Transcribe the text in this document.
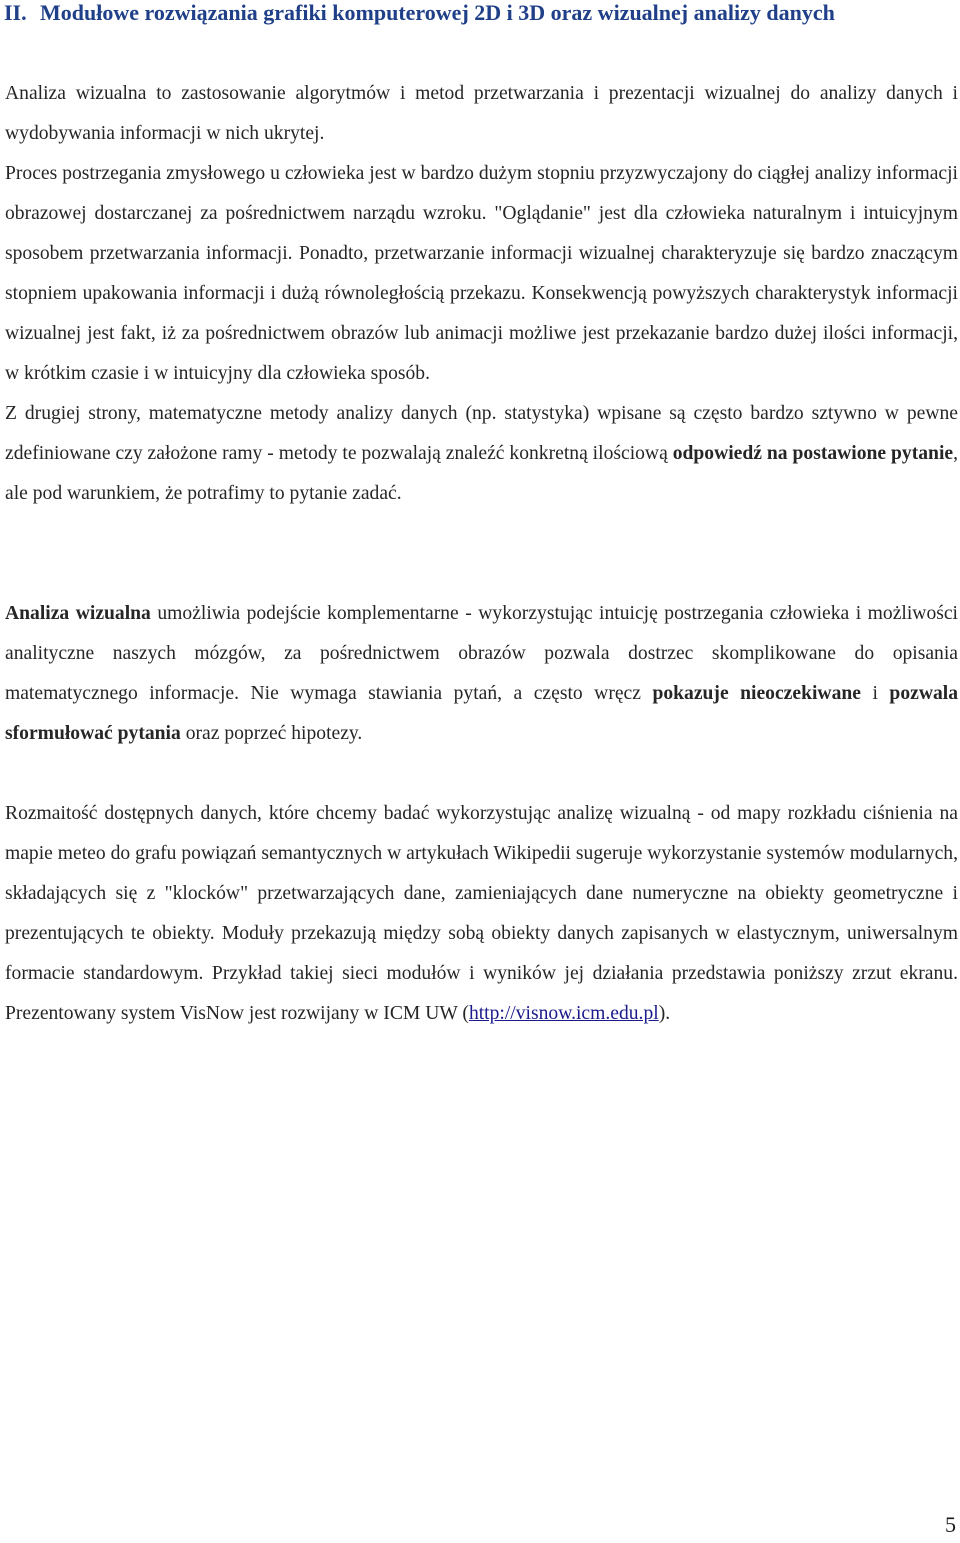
II. Modułowe rozwiązania grafiki komputerowej 2D i 3D oraz wizualnej analizy danych
Analiza wizualna to zastosowanie algorytmów i metod przetwarzania i prezentacji wizualnej do analizy danych i wydobywania informacji w nich ukrytej.
Proces postrzegania zmysłowego u człowieka jest w bardzo dużym stopniu przyzwyczajony do ciągłej analizy informacji obrazowej dostarczanej za pośrednictwem narządu wzroku. "Oglądanie" jest dla człowieka naturalnym i intuicyjnym sposobem przetwarzania informacji. Ponadto, przetwarzanie informacji wizualnej charakteryzuje się bardzo znaczącym stopniem upakowania informacji i dużą równoległością przekazu. Konsekwencją powyższych charakterystyk informacji wizualnej jest fakt, iż za pośrednictwem obrazów lub animacji możliwe jest przekazanie bardzo dużej ilości informacji, w krótkim czasie i w intuicyjny dla człowieka sposób.
Z drugiej strony, matematyczne metody analizy danych (np. statystyka) wpisane są często bardzo sztywno w pewne zdefiniowane czy założone ramy - metody te pozwalają znaleźć konkretną ilościową odpowiedź na postawione pytanie, ale pod warunkiem, że potrafimy to pytanie zadać.
Analiza wizualna umożliwia podejście komplementarne - wykorzystując intuicję postrzegania człowieka i możliwości analityczne naszych mózgów, za pośrednictwem obrazów pozwala dostrzec skomplikowane do opisania matematycznego informacje. Nie wymaga stawiania pytań, a często wręcz pokazuje nieoczekiwane i pozwala sformułować pytania oraz poprzeć hipotezy.
Rozmaitość dostępnych danych, które chcemy badać wykorzystując analizę wizualną - od mapy rozkładu ciśnienia na mapie meteo do grafu powiązań semantycznych w artykułach Wikipedii sugeruje wykorzystanie systemów modularnych, składających się z "klocków" przetwarzających dane, zamieniających dane numeryczne na obiekty geometryczne i prezentujących te obiekty. Moduły przekazują między sobą obiekty danych zapisanych w elastycznym, uniwersalnym formacie standardowym. Przykład takiej sieci modułów i wyników jej działania przedstawia poniższy zrzut ekranu. Prezentowany system VisNow jest rozwijany w ICM UW (http://visnow.icm.edu.pl).
5
